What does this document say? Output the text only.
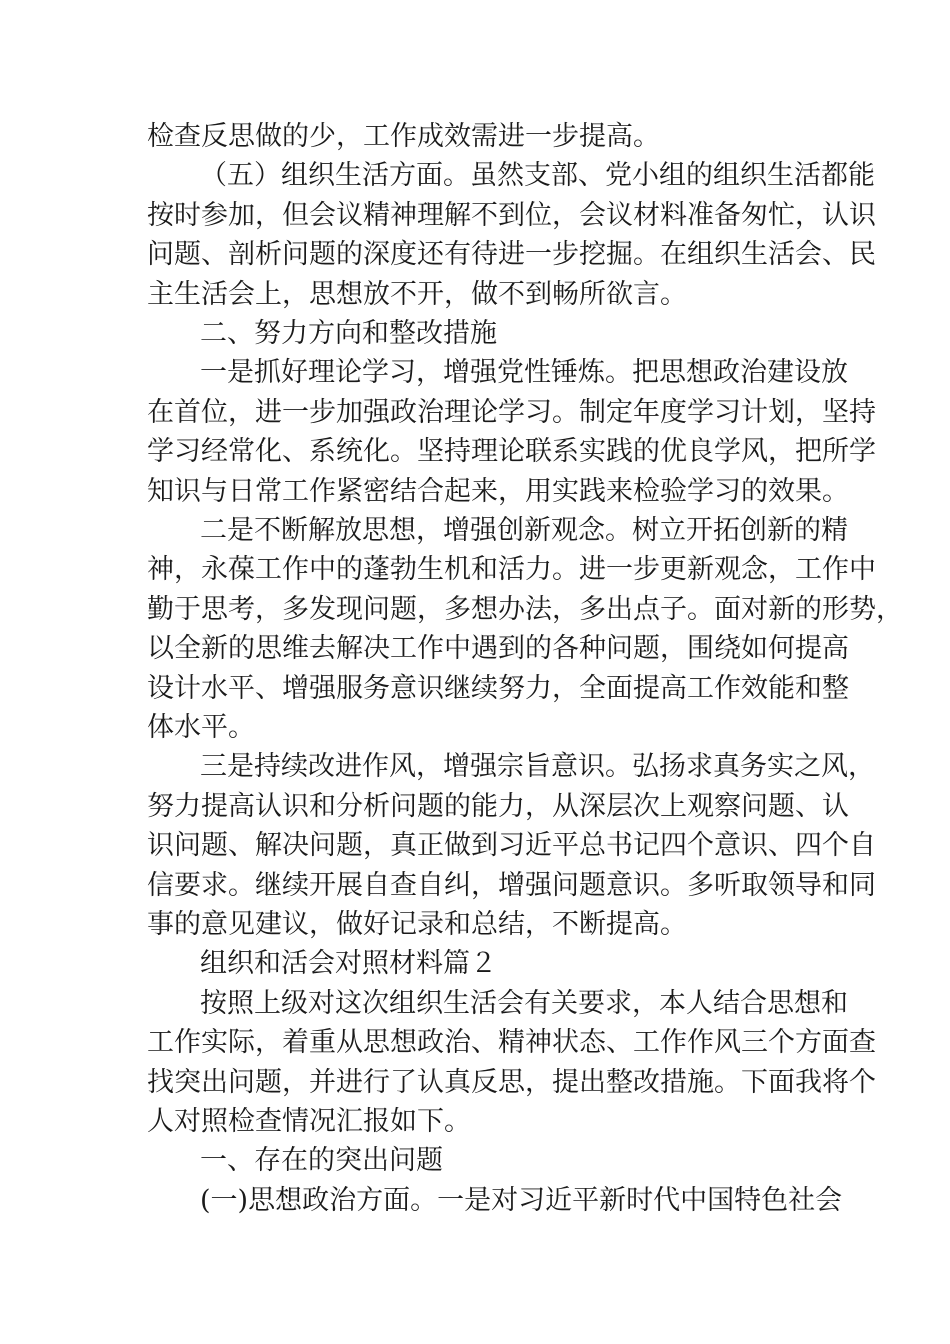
检查反思做的少，工作成效需进一步提高。
（五）组织生活方面。虽然支部、党小组的组织生活都能
按时参加，但会议精神理解不到位，会议材料准备匆忙，认识
问题、剖析问题的深度还有待进一步挖掘。在组织生活会、民
主生活会上，思想放不开，做不到畅所欲言。
二、努力方向和整改措施
一是抓好理论学习，增强党性锤炼。把思想政治建设放
在首位，进一步加强政治理论学习。制定年度学习计划，坚持
学习经常化、系统化。坚持理论联系实践的优良学风，把所学
知识与日常工作紧密结合起来，用实践来检验学习的效果。
二是不断解放思想，增强创新观念。树立开拓创新的精
神，永葆工作中的蓬勃生机和活力。进一步更新观念，工作中
勤于思考，多发现问题，多想办法，多出点子。面对新的形势，
以全新的思维去解决工作中遇到的各种问题，围绕如何提高
设计水平、增强服务意识继续努力，全面提高工作效能和整
体水平。
三是持续改进作风，增强宗旨意识。弘扬求真务实之风，
努力提高认识和分析问题的能力，从深层次上观察问题、认
识问题、解决问题，真正做到习近平总书记四个意识、四个自
信要求。继续开展自查自纠，增强问题意识。多听取领导和同
事的意见建议，做好记录和总结，不断提高。
组织和活会对照材料篇２
按照上级对这次组织生活会有关要求，本人结合思想和
工作实际，着重从思想政治、精神状态、工作作风三个方面查
找突出问题，并进行了认真反思，提出整改措施。下面我将个
人对照检查情况汇报如下。
一、存在的突出问题
(一)思想政治方面。一是对习近平新时代中国特色社会
